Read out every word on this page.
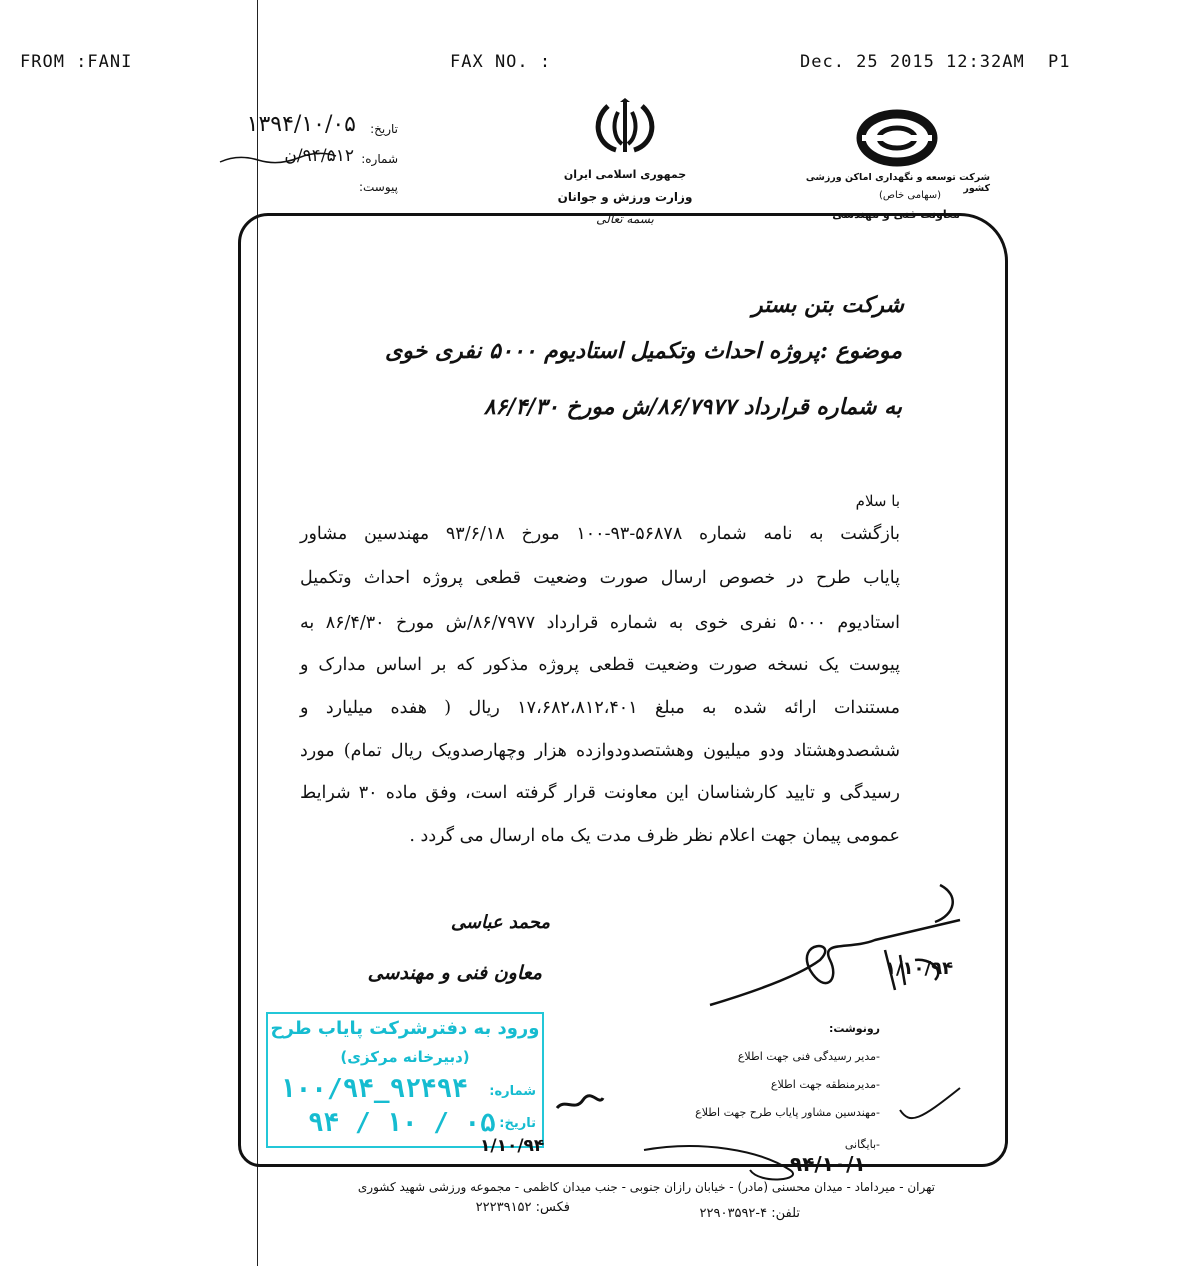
FROM :FANI	FAX NO. :	Dec. 25 2015 12:32AM P1
تاریخ:
۱۳۹۴/۱۰/۰۵
شماره:
۹۴/۵۱۲/ن
پیوست:
جمهوری اسلامی ایران
وزارت ورزش و جوانان
بسمه تعالی
شرکت توسعه و نگهداری اماکن ورزشی کشور
(سهامی خاص)
معاونت فنی و مهندسی
شرکت بتن بستر
موضوع :پروژه احداث وتکمیل استادیوم ۵۰۰۰ نفری خوی
به شماره قرارداد ۸۶/۷۹۷۷/ش مورخ ۸۶/۴/۳۰
با سلام
بازگشت به نامه شماره ۵۶۸۷۸-۹۳-۱۰۰ مورخ ۹۳/۶/۱۸ مهندسین مشاور
پایاب طرح در خصوص ارسال صورت وضعیت قطعی پروژه احداث وتکمیل
استادیوم ۵۰۰۰ نفری خوی به شماره قرارداد ۸۶/۷۹۷۷/ش مورخ ۸۶/۴/۳۰ به
پیوست یک نسخه صورت وضعیت قطعی پروژه مذکور که بر اساس مدارک و
مستندات ارائه شده به مبلغ ۱۷،۶۸۲،۸۱۲،۴۰۱ ریال ( هفده میلیارد و
ششصدوهشتاد ودو میلیون وهشتصدودوازده هزار وچهارصدویک ریال تمام) مورد
رسیدگی و تایید کارشناسان این معاونت قرار گرفته است، وفق ماده ۳۰ شرایط
عمومی پیمان جهت اعلام نظر ظرف مدت یک ماه ارسال می گردد .
محمد عباسی
معاون فنی و مهندسی	۱/۱۰/۹۴
رونوشت:
-مدیر رسیدگی فنی جهت اطلاع
-مدیرمنطقه جهت اطلاع
-مهندسین مشاور پایاب طرح جهت اطلاع
-بایگانی
ورود به دفترشرکت پایاب طرح
(دبیرخانه مرکزی)
شماره:
۱۰۰/۹۴_۹۲۴۹۴
تاریخ:
۹۴ / ۱۰ / ۰۵
۱/۱۰/۹۴
۹۴/۱۰/۱
تهران - میرداماد - میدان محسنی (مادر) - خیابان رازان جنوبی - جنب میدان کاظمی - مجموعه ورزشی شهید کشوری
تلفن: ۴-۲۲۹۰۳۵۹۲
فکس: ۲۲۲۳۹۱۵۲
